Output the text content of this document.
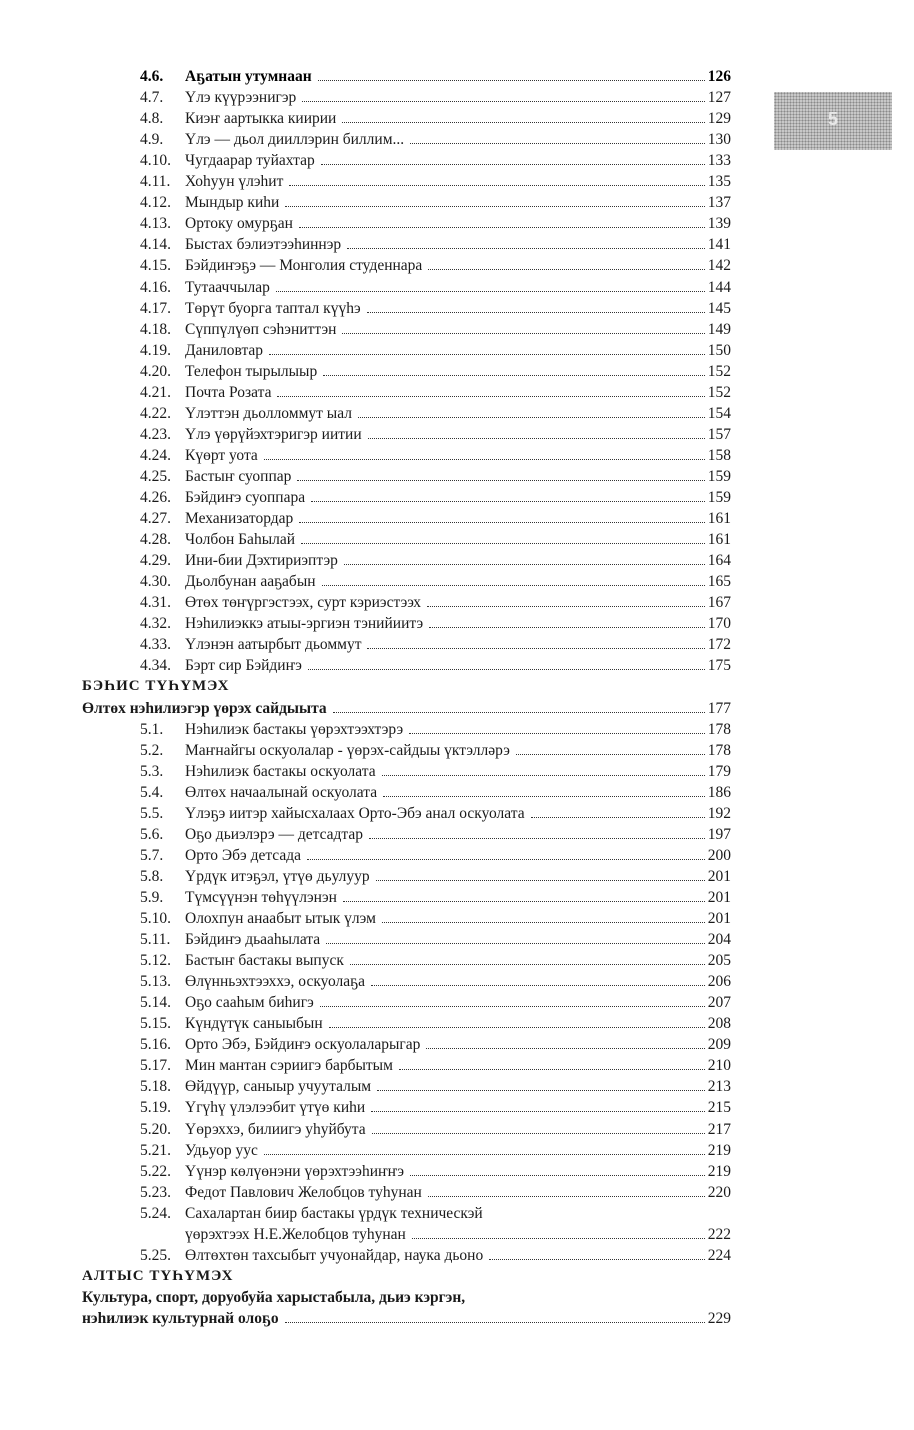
5
4.6. Аҕатын утумнаан	126
4.7. Үлэ күүрээнигэр	127
4.8. Киэҥ аартыкка киирии	129
4.9. Үлэ — дьол дииллэрин биллим...	130
4.10. Чугдаарар туйахтар	133
4.11. Хоһуун үлэһит	135
4.12. Мындыр киһи	137
4.13. Ортоку омурҕан	139
4.14. Быстах бэлиэтээһиннэр	141
4.15. Бэйдиҥэҕэ — Монголия студеннара	142
4.16. Тутааччылар	144
4.17. Төрүт буорга таптал күүһэ	145
4.18. Сүппүлүөп сэһэниттэн	149
4.19. Даниловтар	150
4.20. Телефон тырылыыр	152
4.21. Почта Розата	152
4.22. Үлэттэн дьолломмут ыал	154
4.23. Үлэ үөрүйэхтэригэр иитии	157
4.24. Күөрт уота	158
4.25. Бастыҥ суоппар	159
4.26. Бэйдиҥэ суоппара	159
4.27. Механизатордар	161
4.28. Чолбон Баһылай	161
4.29. Ини-бии Дэхтириэптэр	164
4.30. Дьолбунан ааҕабын	165
4.31. Өтөх төҥүргэстээх, сурт кэриэстээх	167
4.32. Нэһилиэккэ атыы-эргиэн тэнийиитэ	170
4.33. Үлэнэн аатырбыт дьоммут	172
4.34. Бэрт сир Бэйдиҥэ	175
БЭҺИС ТҮҺҮМЭХ
Өлтөх нэһилиэгэр үөрэх сайдыыта	177
5.1. Нэһилиэк бастакы үөрэхтээхтэрэ	178
5.2. Маҥнайгы оскуолалар - үөрэх-сайдыы үктэлләрэ	178
5.3. Нэһилиэк бастакы оскуолата	179
5.4. Өлтөх начаалынай оскуолата	186
5.5. Үлэҕэ иитэр хайысхалаах Орто-Эбэ анал оскуолата	192
5.6. Оҕо дьиэлэрэ — детсадтар	197
5.7. Орто Эбэ детсада	200
5.8. Үрдүк итэҕэл, үтүө дьулуур	201
5.9. Түмсүүнэн төһүүлэнэн	201
5.10. Олохпун анаабыт ытык үлэм	201
5.11. Бэйдиҥэ дьааһылата	204
5.12. Бастыҥ бастакы выпуск	205
5.13. Өлүнньэхтээххэ, оскуолаҕа	206
5.14. Оҕо сааһым биһигэ	207
5.15. Күндүтүк саныыбын	208
5.16. Орто Эбэ, Бэйдиҥэ оскуолаларыгар	209
5.17. Мин мантан сэриигэ барбытым	210
5.18. Өйдүүр, саныыр учууталым	213
5.19. Үгүһү үлэлээбит үтүө киһи	215
5.20. Үөрэххэ, билиигэ уһуйбута	217
5.21. Удьуор уус	219
5.22. Үүнэр көлүөнэни үөрэхтээһиҥҥэ	219
5.23. Федот Павлович Желобцов туһунан	220
5.24. Сахалартан биир бастакы үрдүк техническэй
үөрэхтээх Н.Е.Желобцов туһунан	222
5.25. Өлтөхтөн тахсыбыт учуонайдар, наука дьоно	224
АЛТЫС ТҮҺҮМЭХ
Культура, спорт, доруобуйа харыстабыла, дьиэ кэргэн,
нэһилиэк культурнай олоҕо	229
